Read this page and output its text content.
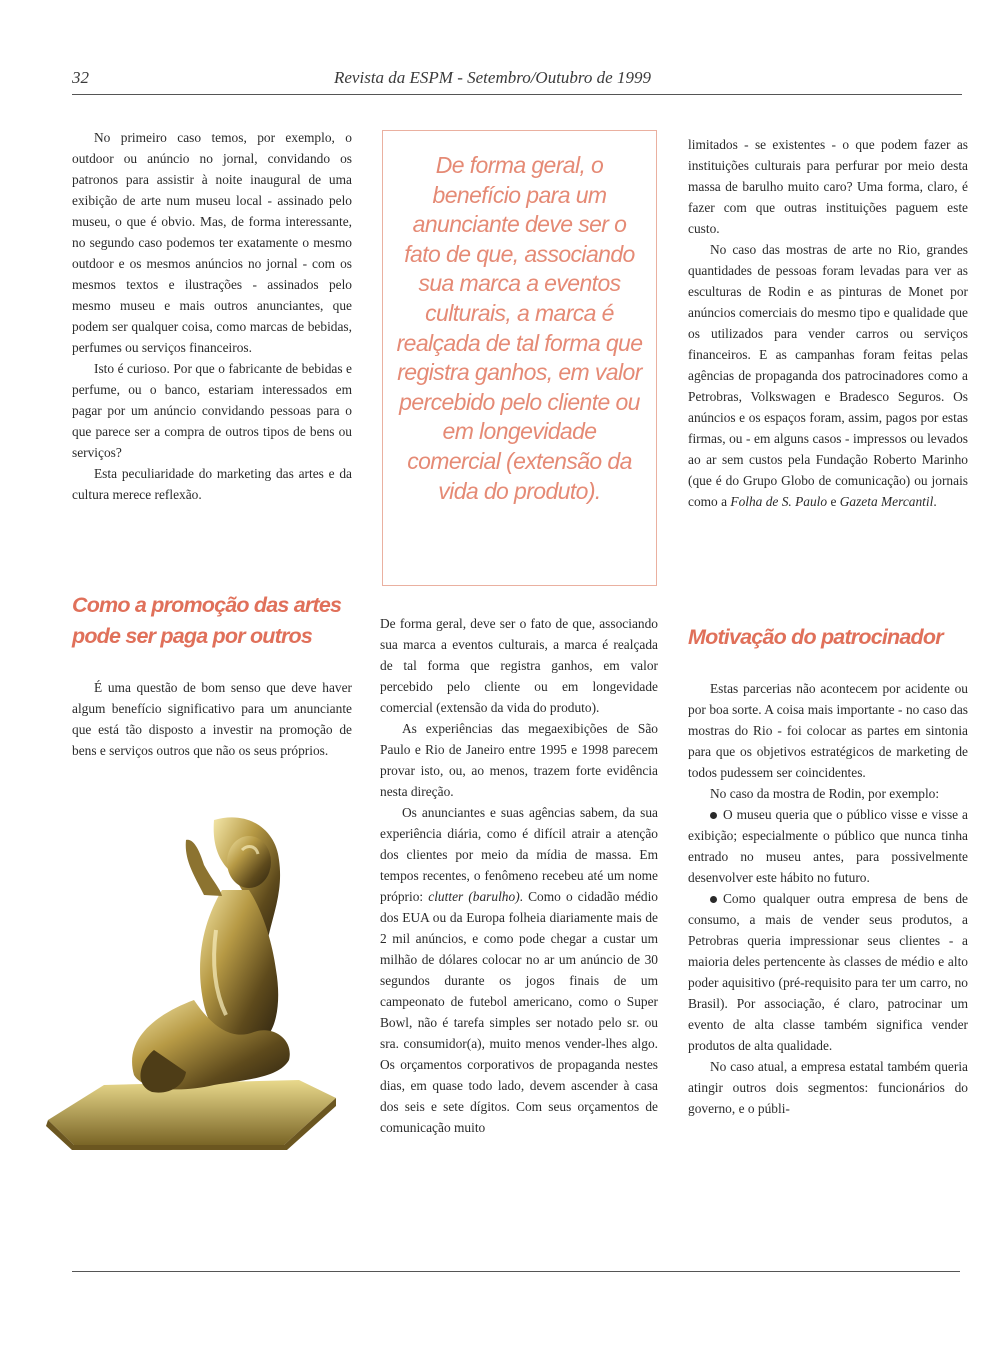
32	Revista da ESPM - Setembro/Outubro de 1999

No primeiro caso temos, por exemplo, o outdoor ou anúncio no jornal, convidando os patronos para assistir à noite inaugural de uma exibição de arte num museu local - assinado pelo museu, o que é obvio. Mas, de forma interessante, no segundo caso podemos ter exatamente o mesmo outdoor e os mesmos anúncios no jornal - com os mesmos textos e ilustrações - assinados pelo mesmo museu e mais outros anunciantes, que podem ser qualquer coisa, como marcas de bebidas, perfumes ou serviços financeiros.

Isto é curioso. Por que o fabricante de bebidas e perfume, ou o banco, estariam interessados em pagar por um anúncio convidando pessoas para o que parece ser a compra de outros tipos de bens ou serviços?

Esta peculiaridade do marketing das artes e da cultura merece reflexão.

Como a promoção das artes pode ser paga por outros

É uma questão de bom senso que deve haver algum benefício significativo para um anunciante que está tão disposto a investir na promoção de bens e serviços outros que não os seus próprios.

De forma geral, o benefício para um anunciante deve ser o fato de que, associando sua marca a eventos culturais, a marca é realçada de tal forma que registra ganhos, em valor percebido pelo cliente ou em longevidade comercial (extensão da vida do produto).

De forma geral, deve ser o fato de que, associando sua marca a eventos culturais, a marca é realçada de tal forma que registra ganhos, em valor percebido pelo cliente ou em longevidade comercial (extensão da vida do produto).

As experiências das megaexibições de São Paulo e Rio de Janeiro entre 1995 e 1998 parecem provar isto, ou, ao menos, trazem forte evidência nesta direção.

Os anunciantes e suas agências sabem, da sua experiência diária, como é difícil atrair a atenção dos clientes por meio da mídia de massa. Em tempos recentes, o fenômeno recebeu até um nome próprio: clutter (barulho). Como o cidadão médio dos EUA ou da Europa folheia diariamente mais de 2 mil anúncios, e como pode chegar a custar um milhão de dólares colocar no ar um anúncio de 30 segundos durante os jogos finais de um campeonato de futebol americano, como o Super Bowl, não é tarefa simples ser notado pelo sr. ou sra. consumidor(a), muito menos vender-lhes algo. Os orçamentos corporativos de propaganda nestes dias, em quase todo lado, devem ascender à casa dos seis e sete dígitos. Com seus orçamentos de comunicação muito

limitados - se existentes - o que podem fazer as instituições culturais para perfurar por meio desta massa de barulho muito caro? Uma forma, claro, é fazer com que outras instituições paguem este custo.

No caso das mostras de arte no Rio, grandes quantidades de pessoas foram levadas para ver as esculturas de Rodin e as pinturas de Monet por anúncios comerciais do mesmo tipo e qualidade que os utilizados para vender carros ou serviços financeiros. E as campanhas foram feitas pelas agências de propaganda dos patrocinadores como a Petrobras, Volkswagen e Bradesco Seguros. Os anúncios e os espaços foram, assim, pagos por estas firmas, ou - em alguns casos - impressos ou levados ao ar sem custos pela Fundação Roberto Marinho (que é do Grupo Globo de comunicação) ou jornais como a Folha de S. Paulo e Gazeta Mercantil.

Motivação do patrocinador

Estas parcerias não acontecem por acidente ou por boa sorte. A coisa mais importante - no caso das mostras do Rio - foi colocar as partes em sintonia para que os objetivos estratégicos de marketing de todos pudessem ser coincidentes.

No caso da mostra de Rodin, por exemplo:

O museu queria que o público visse e visse a exibição; especialmente o público que nunca tinha entrado no museu antes, para possivelmente desenvolver este hábito no futuro.

Como qualquer outra empresa de bens de consumo, a mais de vender seus produtos, a Petrobras queria impressionar seus clientes - a maioria deles pertencente às classes de médio e alto poder aquisitivo (pré-requisito para ter um carro, no Brasil). Por associação, é claro, patrocinar um evento de alta classe também significa vender produtos de alta qualidade.

No caso atual, a empresa estatal também queria atingir outros dois segmentos: funcionários do governo, e o públi-
